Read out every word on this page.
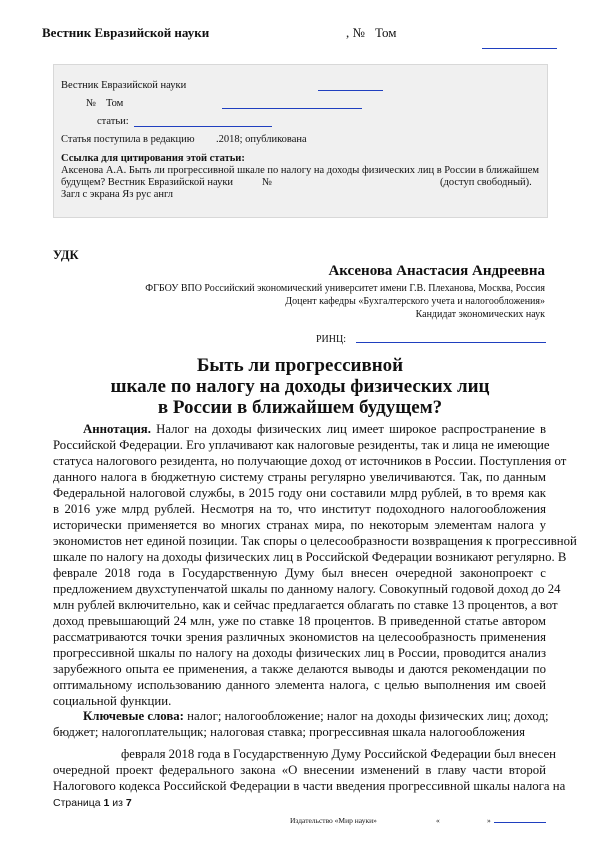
Вестник Евразийской науки	, № Том
Вестник Евразийской науки
№ Том
статьи:
Статья поступила в редакцию .2018; опубликована
Ссылка для цитирования этой статьи:
Аксенова А.А. Быть ли прогрессивной шкале по налогу на доходы физических лиц в России в ближайшем
будущем? Вестник Евразийской науки	№	(доступ свободный).
Загл с экрана Яз рус англ
УДК
Аксенова Анастасия Андреевна
ФГБОУ ВПО Российский экономический университет имени Г.В. Плеханова, Москва, Россия
Доцент кафедры «Бухгалтерского учета и налогообложения»
Кандидат экономических наук
РИНЦ:
Быть ли прогрессивной
шкале по налогу на доходы физических лиц
в России в ближайшем будущем?
Аннотация. Налог на доходы физических лиц имеет широкое распространение в
Российской Федерации. Его уплачивают как налоговые резиденты, так и лица не имеющие
статуса налогового резидента, но получающие доход от источников в России. Поступления от
данного налога в бюджетную систему страны регулярно увеличиваются. Так, по данным
Федеральной налоговой службы, в 2015 году они составили млрд рублей, в то время как
в 2016 уже млрд рублей. Несмотря на то, что институт подоходного налогообложения
исторически применяется во многих странах мира, по некоторым элементам налога у
экономистов нет единой позиции. Так споры о целесообразности возвращения к прогрессивной
шкале по налогу на доходы физических лиц в Российской Федерации возникают регулярно. В
феврале 2018 года в Государственную Думу был внесен очередной законопроект с
предложением двухступенчатой шкалы по данному налогу. Совокупный годовой доход до 24
млн рублей включительно, как и сейчас предлагается облагать по ставке 13 процентов, а вот
доход превышающий 24 млн, уже по ставке 18 процентов. В приведенной статье автором
рассматриваются точки зрения различных экономистов на целесообразность применения
прогрессивной шкалы по налогу на доходы физических лиц в России, проводится анализ
зарубежного опыта ее применения, а также делаются выводы и даются рекомендации по
оптимальному использованию данного элемента налога, с целью выполнения им своей
социальной функции.
Ключевые слова: налог; налогообложение; налог на доходы физических лиц; доход;
бюджет; налогоплательщик; налоговая ставка; прогрессивная шкала налогообложения
февраля 2018 года в Государственную Думу Российской Федерации был внесен
очередной проект федерального закона «О внесении изменений в главу части второй
Налогового кодекса Российской Федерации в части введения прогрессивной шкалы налога на
Страница 1 из 7
Издательство «Мир науки»	«	»
